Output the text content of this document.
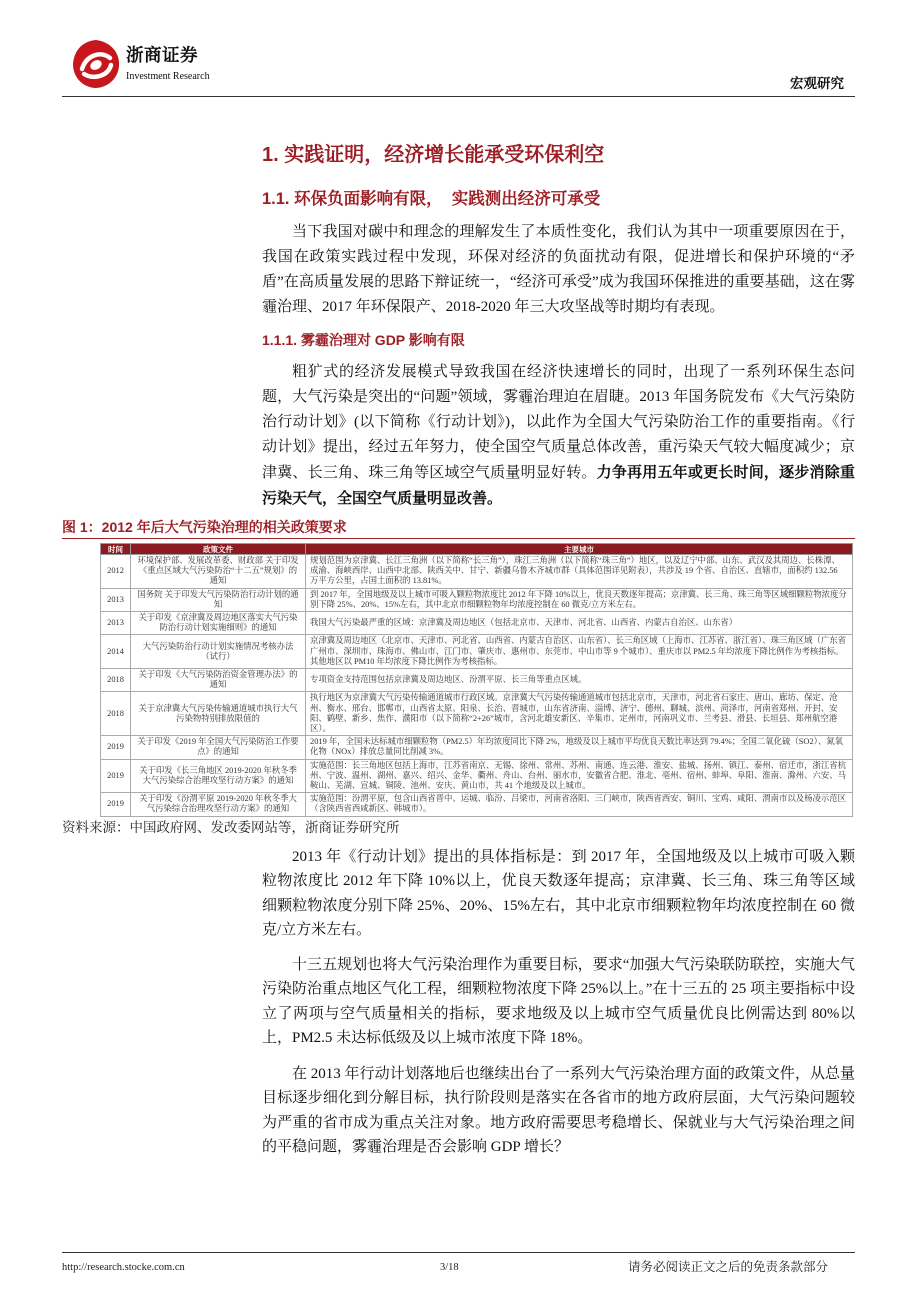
浙商证券
Investment Research	宏观研究
1. 实践证明，经济增长能承受环保利空
1.1. 环保负面影响有限，  实践测出经济可承受

当下我国对碳中和理念的理解发生了本质性变化，我们认为其中一项重要原因在于，我国在政策实践过程中发现，环保对经济的负面扰动有限，促进增长和保护环境的“矛盾”在高质量发展的思路下辩证统一，“经济可承受”成为我国环保推进的重要基础，这在雾霾治理、2017 年环保限产、2018-2020 年三大攻坚战等时期均有表现。

1.1.1. 雾霾治理对 GDP 影响有限

粗犷式的经济发展模式导致我国在经济快速增长的同时，出现了一系列环保生态问题，大气污染是突出的“问题”领域，雾霾治理迫在眉睫。2013 年国务院发布《大气污染防治行动计划》(以下简称《行动计划》)，以此作为全国大气污染防治工作的重要指南。《行动计划》提出，经过五年努力，使全国空气质量总体改善，重污染天气较大幅度减少；京津冀、长三角、珠三角等区域空气质量明显好转。力争再用五年或更长时间，逐步消除重污染天气，全国空气质量明显改善。

图 1：2012 年后大气污染治理的相关政策要求
时间	政策文件	主要城市
2012	环境保护部、发展改革委、财政部 关于印发《重点区域大气污染防治“十二五”规划》的通知	规划范围为京津冀、长江三角洲（以下简称“长三角”），珠江三角洲（以下简称“珠三角”）地区，以及辽宁中部、山东、武汉及其周边、长株潭、成渝、海峡西岸、山西中北部、陕西关中、甘宁、新疆乌鲁木齐城市群（具体范围详见附表），共涉及 19 个省、自治区、直辖市，面积约 132.56 万平方公里，占国土面积的 13.81%。
2013	国务院 关于印发大气污染防治行动计划的通知	到 2017 年，全国地级及以上城市可吸入颗粒物浓度比 2012 年下降 10%以上，优良天数逐年提高；京津冀、长三角、珠三角等区域细颗粒物浓度分别下降 25%、20%、15%左右，其中北京市细颗粒物年均浓度控制在 60 微克/立方米左右。
2013	关于印发《京津冀及周边地区落实大气污染防治行动计划实施细则》的通知	我国大气污染最严重的区域：京津冀及周边地区（包括北京市、天津市、河北省、山西省、内蒙古自治区、山东省）
2014	大气污染防治行动计划实施情况考核办法（试行）	京津冀及周边地区（北京市、天津市、河北省、山西省、内蒙古自治区、山东省）、长三角区域（上海市、江苏省、浙江省）、珠三角区域（广东省广州市、深圳市、珠海市、佛山市、江门市、肇庆市、惠州市、东莞市、中山市等 9 个城市）、重庆市以 PM2.5 年均浓度下降比例作为考核指标。其他地区以 PM10 年均浓度下降比例作为考核指标。
2018	关于印发《大气污染防治资金管理办法》的通知	专项资金支持范围包括京津冀及周边地区、汾渭平原、长三角等重点区域。
2018	关于京津冀大气污染传输通道城市执行大气污染物特别排放限值的	执行地区为京津冀大气污染传输通道城市行政区域。京津冀大气污染传输通道城市包括北京市，天津市，河北省石家庄、唐山、廊坊、保定、沧州、衡水、邢台、邯郸市，山西省太原、阳泉、长治、晋城市，山东省济南、淄博、济宁、德州、聊城、滨州、菏泽市，河南省郑州、开封、安阳、鹤壁、新乡、焦作、濮阳市（以下简称“2+26”城市，含河北雄安新区、辛集市、定州市，河南巩义市、兰考县、滑县、长垣县、郑州航空港区）。
2019	关于印发《2019 年全国大气污染防治工作要点》的通知	2019 年，全国未达标城市细颗粒物（PM2.5）年均浓度同比下降 2%，地级及以上城市平均优良天数比率达到 79.4%；全国二氧化硫（SO2）、氮氧化物（NOx）排放总量同比削减 3%。
2019	关于印发《长三角地区 2019-2020 年秋冬季大气污染综合治理攻坚行动方案》的通知	实施范围：长三角地区包括上海市，江苏省南京、无锡、徐州、常州、苏州、南通、连云港、淮安、盐城、扬州、镇江、泰州、宿迁市，浙江省杭州、宁波、温州、湖州、嘉兴、绍兴、金华、衢州、舟山、台州、丽水市，安徽省合肥、淮北、亳州、宿州、蚌埠、阜阳、淮南、滁州、六安、马鞍山、芜湖、宣城、铜陵、池州、安庆、黄山市，共 41 个地级及以上城市。
2019	关于印发《汾渭平原 2019-2020 年秋冬季大气污染综合治理攻坚行动方案》的通知	实施范围：汾渭平原，包含山西省晋中、运城、临汾、吕梁市，河南省洛阳、三门峡市，陕西省西安、铜川、宝鸡、咸阳、渭南市以及杨凌示范区（含陕西省西咸新区、韩城市）。
资料来源：中国政府网、发改委网站等，浙商证券研究所

2013 年《行动计划》提出的具体指标是：到 2017 年，全国地级及以上城市可吸入颗粒物浓度比 2012 年下降 10%以上，优良天数逐年提高；京津冀、长三角、珠三角等区域细颗粒物浓度分别下降 25%、20%、15%左右，其中北京市细颗粒物年均浓度控制在 60 微克/立方米左右。

十三五规划也将大气污染治理作为重要目标，要求“加强大气污染联防联控，实施大气污染防治重点地区气化工程，细颗粒物浓度下降 25%以上。”在十三五的 25 项主要指标中设立了两项与空气质量相关的指标，要求地级及以上城市空气质量优良比例需达到 80%以上，PM2.5 未达标低级及以上城市浓度下降 18%。

在 2013 年行动计划落地后也继续出台了一系列大气污染治理方面的政策文件，从总量目标逐步细化到分解目标，执行阶段则是落实在各省市的地方政府层面，大气污染问题较为严重的省市成为重点关注对象。地方政府需要思考稳增长、保就业与大气污染治理之间的平稳问题，雾霾治理是否会影响 GDP 增长？

http://research.stocke.com.cn	3/18	请务必阅读正文之后的免责条款部分
